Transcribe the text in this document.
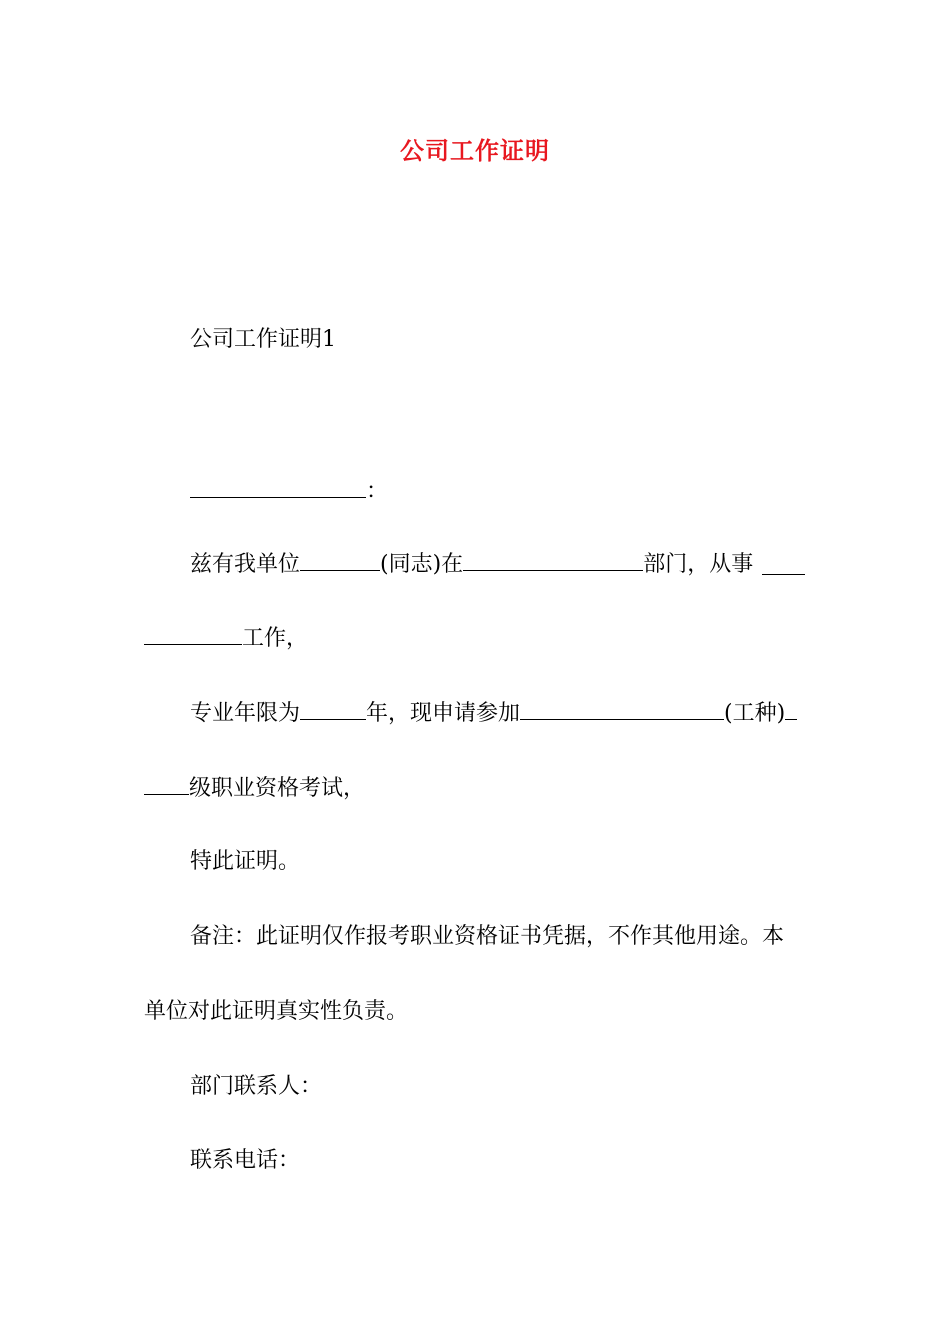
公司工作证明
公司工作证明1
：
兹有我单位	(同志)在	部门，从事
工作，
专业年限为	年，现申请参加	(工种)
级职业资格考试，
特此证明。
备注：此证明仅作报考职业资格证书凭据，不作其他用途。本
单位对此证明真实性负责。
部门联系人：
联系电话：
